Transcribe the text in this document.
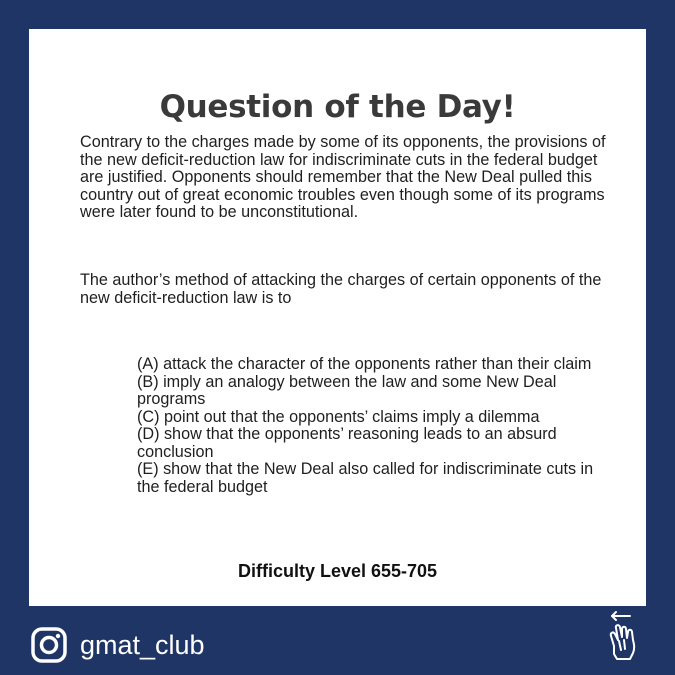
Question of the Day!

Contrary to the charges made by some of its opponents, the provisions of the new deficit-reduction law for indiscriminate cuts in the federal budget are justified. Opponents should remember that the New Deal pulled this country out of great economic troubles even though some of its programs were later found to be unconstitutional.

The author’s method of attacking the charges of certain opponents of the new deficit-reduction law is to

(A) attack the character of the opponents rather than their claim
(B) imply an analogy between the law and some New Deal programs
(C) point out that the opponents’ claims imply a dilemma
(D) show that the opponents’ reasoning leads to an absurd conclusion
(E) show that the New Deal also called for indiscriminate cuts in the federal budget

Difficulty Level 655-705

gmat_club
